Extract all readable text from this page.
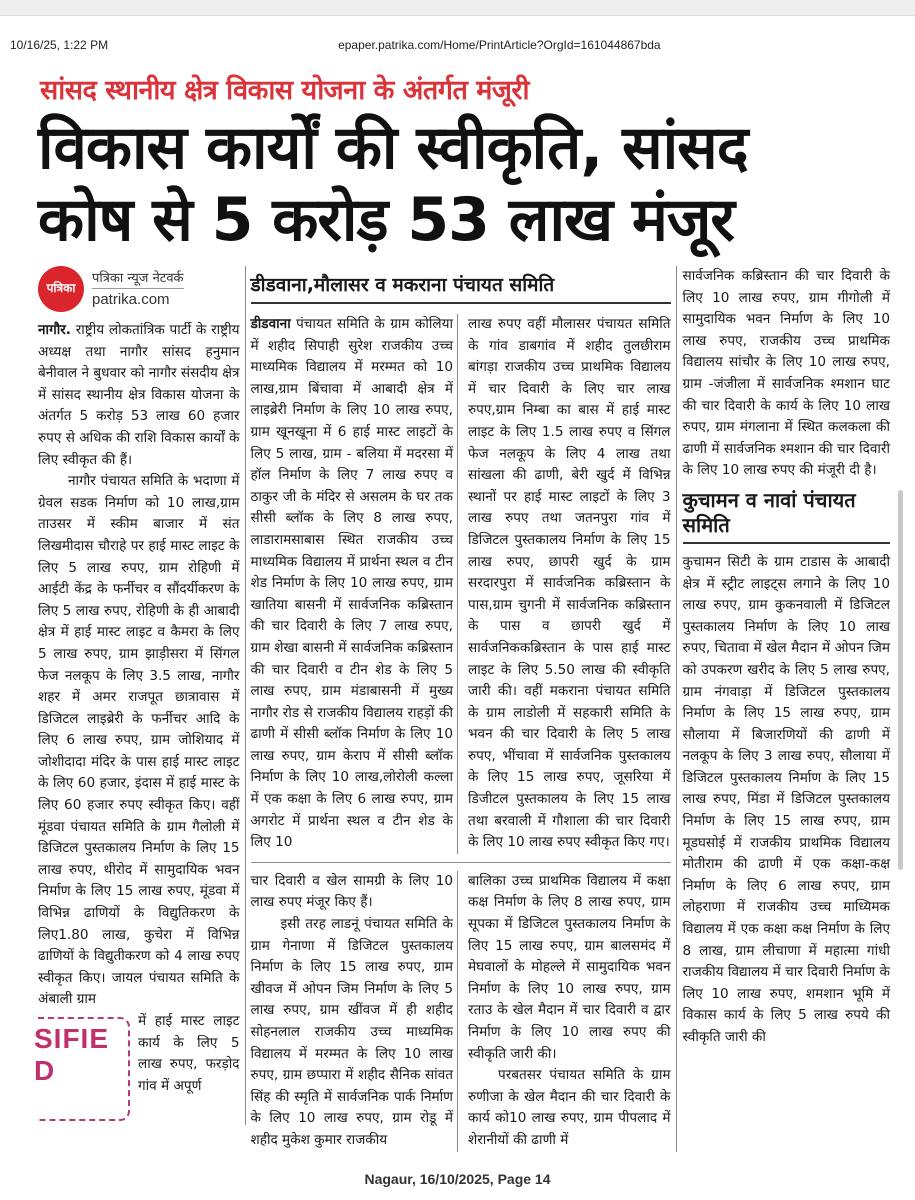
10/16/25, 1:22 PM	epaper.patrika.com/Home/PrintArticle?OrgId=161044867bda
सांसद स्थानीय क्षेत्र विकास योजना के अंतर्गत मंजूरी
विकास कार्यों की स्वीकृति, सांसद
कोष से 5 करोड़ 53 लाख मंजूर
पत्रिका
पत्रिका न्यूज नेटवर्क
patrika.com

नागौर. राष्ट्रीय लोकतांत्रिक पार्टी के राष्ट्रीय अध्यक्ष तथा नागौर सांसद हनुमान बेनीवाल ने बुधवार को नागौर संसदीय क्षेत्र में सांसद स्थानीय क्षेत्र विकास योजना के अंतर्गत 5 करोड़ 53 लाख 60 हजार रुपए से अधिक की राशि विकास कार्यों के लिए स्वीकृत की हैं।

नागौर पंचायत समिति के भदाणा में ग्रेवल सडक निर्माण को 10 लाख,ग्राम ताउसर में स्कीम बाजार में संत लिखमीदास चौराहे पर हाई मास्ट लाइट के लिए 5 लाख रुपए, ग्राम रोहिणी में आईटी केंद्र के फर्नीचर व सौंदर्यीकरण के लिए 5 लाख रुपए, रोहिणी के ही आबादी क्षेत्र में हाई मास्ट लाइट व कैमरा के लिए 5 लाख रुपए, ग्राम झाड़ीसरा में सिंगल फेज नलकूप के लिए 3.5 लाख, नागौर शहर में अमर राजपूत छात्रावास में डिजिटल लाइब्रेरी के फर्नीचर आदि के लिए 6 लाख रुपए, ग्राम जोशियाद में जोशीदादा मंदिर के पास हाई मास्ट लाइट के लिए 60 हजार, इंदास में हाई मास्ट के लिए 60 हजार रुपए स्वीकृत किए। वहीं मूंडवा पंचायत समिति के ग्राम गैलोली में डिजिटल पुस्तकालय निर्माण के लिए 15 लाख रुपए, थीरोद में सामुदायिक भवन निर्माण के लिए 15 लाख रुपए, मूंडवा में विभिन्न ढाणियों के विद्युतिकरण के लिए1.80 लाख, कुचेरा में विभिन्न ढाणियों के विद्युतीकरण को 4 लाख रुपए स्वीकृत किए। जायल पंचायत समिति के अंबाली ग्राम

SIFIED

में हाई मास्ट लाइट कार्य के लिए 5 लाख रुपए, फरड़ोद गांव में अपूर्ण

डीडवाना,मौलासर व मकराना पंचायत समिति

डीडवाना पंचायत समिति के ग्राम कोलिया में शहीद सिपाही सुरेश राजकीय उच्च माध्यमिक विद्यालय में मरम्मत को 10 लाख,ग्राम बिंचावा में आबादी क्षेत्र में लाइब्रेरी निर्माण के लिए 10 लाख रुपए, ग्राम खूनखूना में 6 हाई मास्ट लाइटों के लिए 5 लाख, ग्राम - बलिया में मदरसा में हॉल निर्माण के लिए 7 लाख रुपए व ठाकुर जी के मंदिर से असलम के घर तक सीसी ब्लॉक के लिए 8 लाख रुपए, लाडारामसाबास स्थित राजकीय उच्च माध्यमिक विद्यालय में प्रार्थना स्थल व टीन शेड निर्माण के लिए 10 लाख रुपए, ग्राम खातिया बासनी में सार्वजनिक कब्रिस्तान की चार दिवारी के लिए 7 लाख रुपए, ग्राम शेखा बासनी में सार्वजनिक कब्रिस्तान की चार दिवारी व टीन शेड के लिए 5 लाख रुपए, ग्राम मंडाबासनी में मुख्य नागौर रोड से राजकीय विद्यालय राहड़ों की ढाणी में सीसी ब्लॉक निर्माण के लिए 10 लाख रुपए, ग्राम केराप में सीसी ब्लॉक निर्माण के लिए 10 लाख,लोरोली कल्ला में एक कक्षा के लिए 6 लाख रुपए, ग्राम अगरोट में प्रार्थना स्थल व टीन शेड के लिए 10

लाख रुपए वहीं मौलासर पंचायत समिति के गांव डाबगांव में शहीद तुलछीराम बांगड़ा राजकीय उच्च प्राथमिक विद्यालय में चार दिवारी के लिए चार लाख रुपए,ग्राम निम्बा का बास में हाई मास्ट लाइट के लिए 1.5 लाख रुपए व सिंगल फेज नलकूप के लिए 4 लाख तथा सांखला की ढाणी, बेरी खुर्द में विभिन्न स्थानों पर हाई मास्ट लाइटों के लिए 3 लाख रुपए तथा जतनपुरा गांव में डिजिटल पुस्तकालय निर्माण के लिए 15 लाख रुपए, छापरी खुर्द के ग्राम सरदारपुरा में सार्वजनिक कब्रिस्तान के पास,ग्राम चुगनी में सार्वजनिक कब्रिस्तान के पास व छापरी खुर्द में सार्वजनिककब्रिस्तान के पास हाई मास्ट लाइट के लिए 5.50 लाख की स्वीकृति जारी की। वहीं मकराना पंचायत समिति के ग्राम लाडोली में सहकारी समिति के भवन की चार दिवारी के लिए 5 लाख रुपए, भींचावा में सार्वजनिक पुस्तकालय के लिए 15 लाख रुपए, जूसरिया में डिजीटल पुस्तकालय के लिए 15 लाख तथा बरवाली में गौशाला की चार दिवारी के लिए 10 लाख रुपए स्वीकृत किए गए।

चार दिवारी व खेल सामग्री के लिए 10 लाख रुपए मंजूर किए हैं।

इसी तरह लाडनूं पंचायत समिति के ग्राम गेनाणा में डिजिटल पुस्तकालय निर्माण के लिए 15 लाख रुपए, ग्राम खीवज में ओपन जिम निर्माण के लिए 5 लाख रुपए, ग्राम खींवज में ही शहीद सोहनलाल राजकीय उच्च माध्यमिक विद्यालय में मरम्मत के लिए 10 लाख रुपए, ग्राम छप्पारा में शहीद सैनिक सांवत सिंह की स्मृति में सार्वजनिक पार्क निर्माण के लिए 10 लाख रुपए, ग्राम रोडू में शहीद मुकेश कुमार राजकीय

बालिका उच्च प्राथमिक विद्यालय में कक्षा कक्ष निर्माण के लिए 8 लाख रुपए, ग्राम सूपका में डिजिटल पुस्तकालय निर्माण के लिए 15 लाख रुपए, ग्राम बालसमंद में मेघवालों के मोहल्ले में सामुदायिक भवन निर्माण के लिए 10 लाख रुपए, ग्राम रताउ के खेल मैदान में चार दिवारी व द्वार निर्माण के लिए 10 लाख रुपए की स्वीकृति जारी की।

परबतसर पंचायत समिति के ग्राम रुणीजा के खेल मैदान की चार दिवारी के कार्य को10 लाख रुपए, ग्राम पीपलाद में शेरानीयों की ढाणी में

सार्वजनिक कब्रिस्तान की चार दिवारी के लिए 10 लाख रुपए, ग्राम गीगोली में सामुदायिक भवन निर्माण के लिए 10 लाख रुपए, राजकीय उच्च प्राथमिक विद्यालय सांचौर के लिए 10 लाख रुपए, ग्राम -जंजीला में सार्वजनिक श्मशान घाट की चार दिवारी के कार्य के लिए 10 लाख रुपए, ग्राम मंगलाना में स्थित कलकला की ढाणी में सार्वजनिक श्मशान की चार दिवारी के लिए 10 लाख रुपए की मंजूरी दी है।

कुचामन व नावां पंचायत समिति

कुचामन सिटी के ग्राम टाडास के आबादी क्षेत्र में स्ट्रीट लाइट्स लगाने के लिए 10 लाख रुपए, ग्राम कुकनवाली में डिजिटल पुस्तकालय निर्माण के लिए 10 लाख रुपए, चितावा में खेल मैदान में ओपन जिम को उपकरण खरीद के लिए 5 लाख रुपए, ग्राम नंगवाड़ा में डिजिटल पुस्तकालय निर्माण के लिए 15 लाख रुपए, ग्राम सौलाया में बिजारणियों की ढाणी में नलकूप के लिए 3 लाख रुपए, सौलाया में डिजिटल पुस्तकालय निर्माण के लिए 15 लाख रुपए, मिंडा में डिजिटल पुस्तकालय निर्माण के लिए 15 लाख रुपए, ग्राम मूडघसोई में राजकीय प्राथमिक विद्यालय मोतीराम की ढाणी में एक कक्षा-कक्ष निर्माण के लिए 6 लाख रुपए, ग्राम लोहराणा में राजकीय उच्च माध्यिमक विद्यालय में एक कक्षा कक्ष निर्माण के लिए 8 लाख, ग्राम लीचाणा में महात्मा गांधी राजकीय विद्यालय में चार दिवारी निर्माण के लिए 10 लाख रुपए, शमशान भूमि में विकास कार्य के लिए 5 लाख रुपये की स्वीकृति जारी की

Nagaur, 16/10/2025, Page 14
